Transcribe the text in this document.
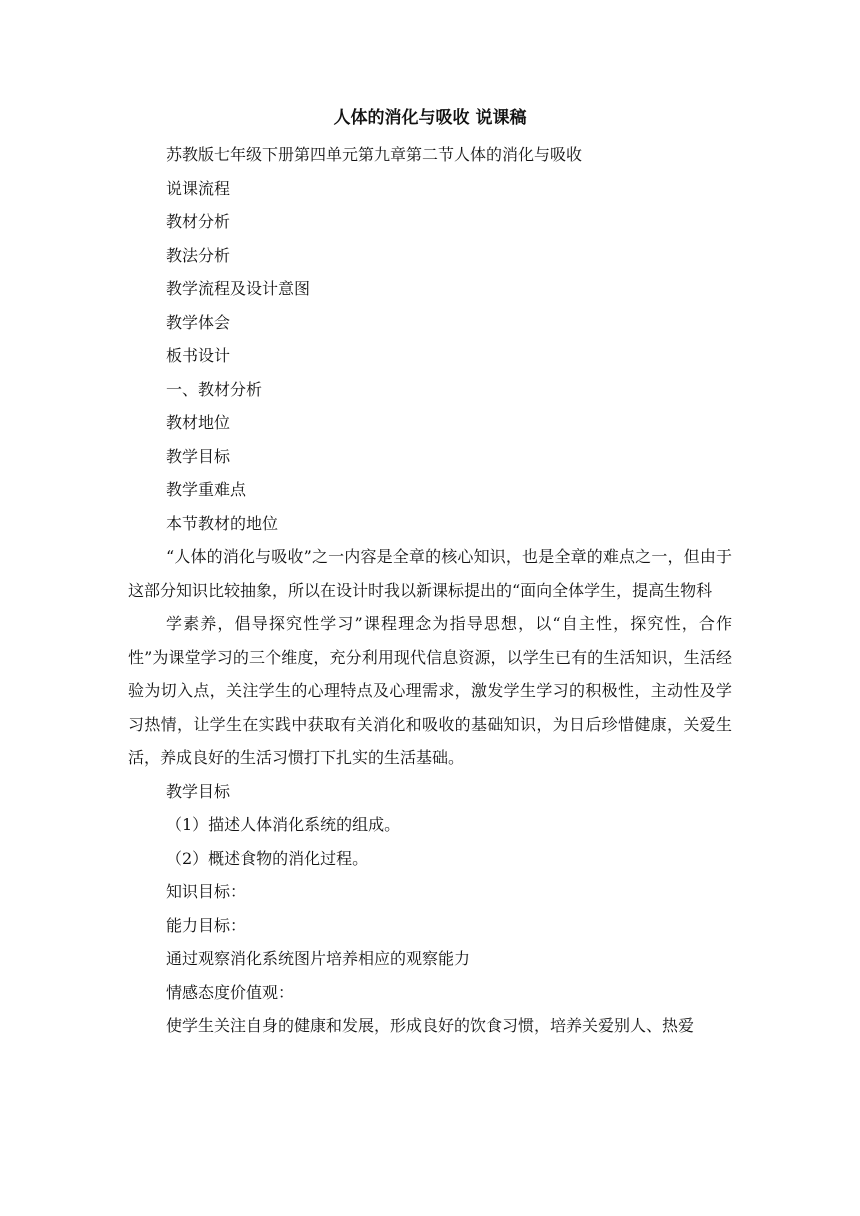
人体的消化与吸收 说课稿
苏教版七年级下册第四单元第九章第二节人体的消化与吸收
说课流程
教材分析
教法分析
教学流程及设计意图
教学体会
板书设计
一、教材分析
教材地位
教学目标
教学重难点
本节教材的地位

“人体的消化与吸收”之一内容是全章的核心知识，也是全章的难点之一，但由于这部分知识比较抽象，所以在设计时我以新课标提出的“面向全体学生，提高生物科

学素养，倡导探究性学习”课程理念为指导思想，以“自主性，探究性，合作性”为课堂学习的三个维度，充分利用现代信息资源，以学生已有的生活知识，生活经验为切入点，关注学生的心理特点及心理需求，激发学生学习的积极性，主动性及学习热情，让学生在实践中获取有关消化和吸收的基础知识，为日后珍惜健康，关爱生活，养成良好的生活习惯打下扎实的生活基础。

教学目标
（1）描述人体消化系统的组成。
（2）概述食物的消化过程。
知识目标：
能力目标：
通过观察消化系统图片培养相应的观察能力
情感态度价值观：
使学生关注自身的健康和发展，形成良好的饮食习惯，培养关爱别人、热爱
